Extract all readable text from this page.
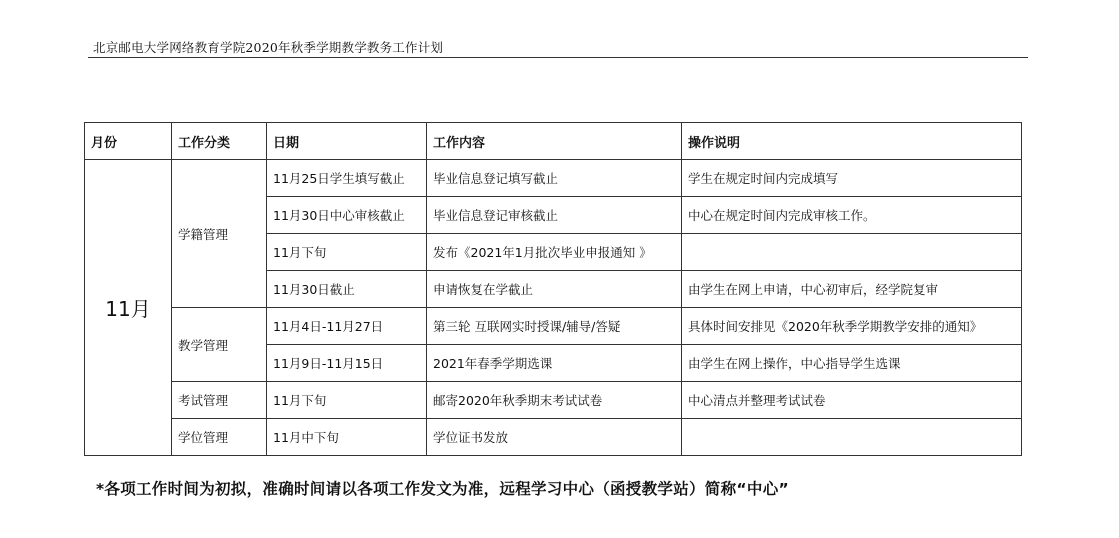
北京邮电大学网络教育学院2020年秋季学期教学教务工作计划
月份	工作分类	日期	工作内容	操作说明
11月	学籍管理	11月25日学生填写截止	毕业信息登记填写截止	学生在规定时间内完成填写
		11月30日中心审核截止	毕业信息登记审核截止	中心在规定时间内完成审核工作。
		11月下旬	发布《2021年1月批次毕业申报通知 》	
		11月30日截止	申请恢复在学截止	由学生在网上申请，中心初审后，经学院复审
	教学管理	11月4日-11月27日	第三轮 互联网实时授课/辅导/答疑	具体时间安排见《2020年秋季学期教学安排的通知》
		11月9日-11月15日	2021年春季学期选课	由学生在网上操作，中心指导学生选课
	考试管理	11月下旬	邮寄2020年秋季期末考试试卷	中心清点并整理考试试卷
	学位管理	11月中下旬	学位证书发放	
*各项工作时间为初拟，准确时间请以各项工作发文为准，远程学习中心（函授教学站）简称“中心”
